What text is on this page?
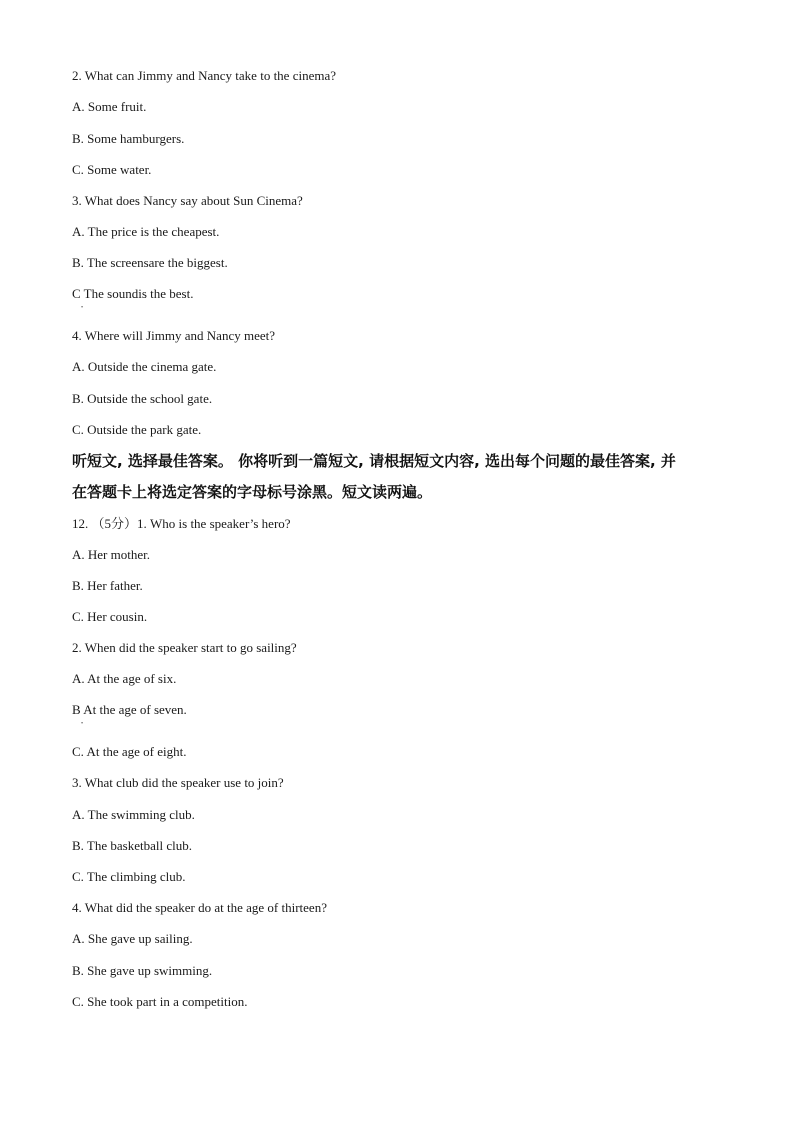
2. What can Jimmy and Nancy take to the cinema?
A. Some fruit.
B. Some hamburgers.
C. Some water.
3. What does Nancy say about Sun Cinema?
A. The price is the cheapest.
B. The screensare the biggest.
C The soundis the best.
•
4. Where will Jimmy and Nancy meet?
A. Outside the cinema gate.
B. Outside the school gate.
C. Outside the park gate.
听短文, 选择最佳答案。 你将听到一篇短文, 请根据短文内容, 选出每个问题的最佳答案, 并
在答题卡上将选定答案的字母标号涂黑。短文读两遍。
12. （5分）1. Who is the speaker’s hero?
A. Her mother.
B. Her father.
C. Her cousin.
2. When did the speaker start to go sailing?
A. At the age of six.
B At the age of seven.
•
C. At the age of eight.
3. What club did the speaker use to join?
A. The swimming club.
B. The basketball club.
C. The climbing club.
4. What did the speaker do at the age of thirteen?
A. She gave up sailing.
B. She gave up swimming.
C. She took part in a competition.
